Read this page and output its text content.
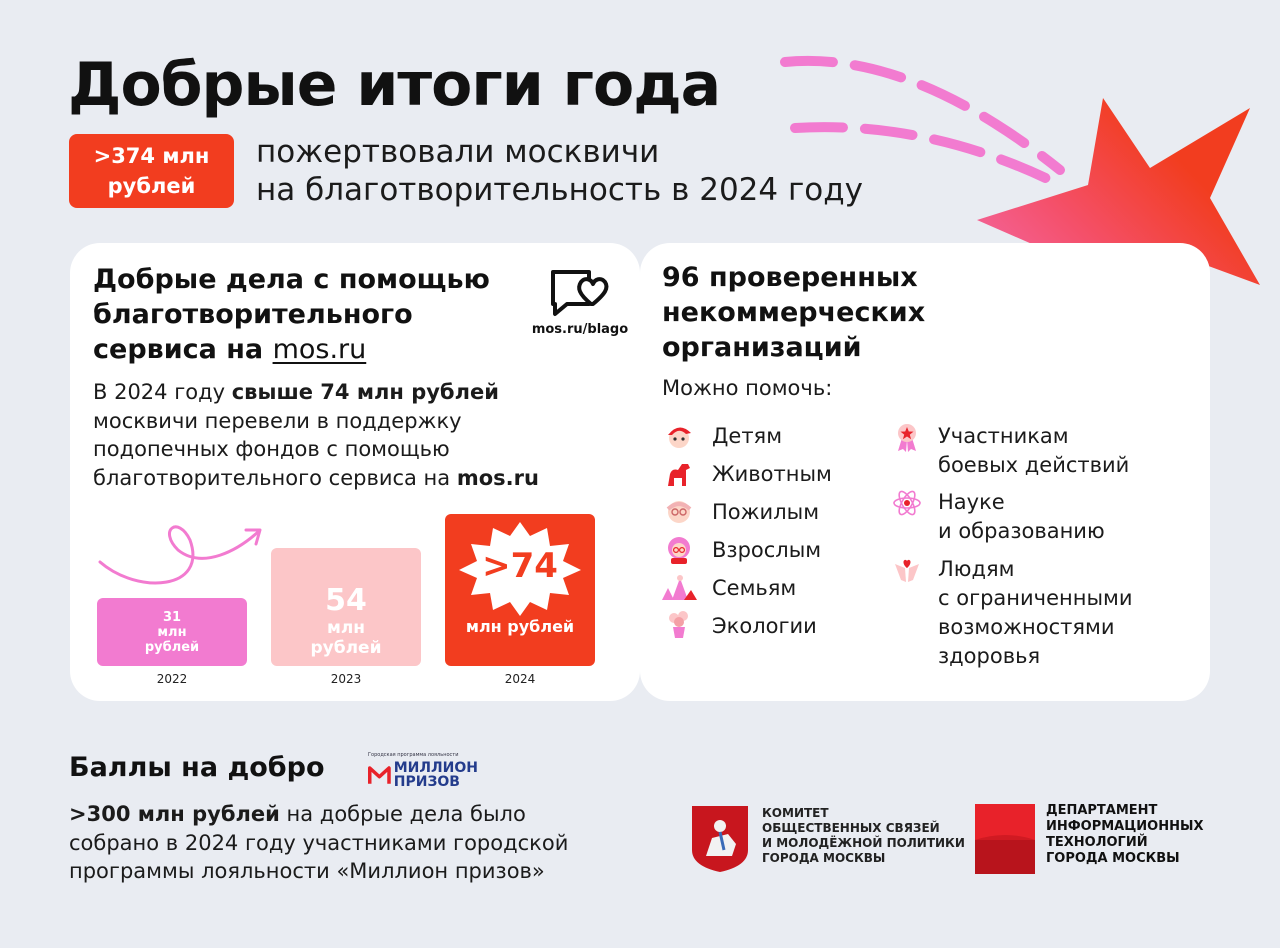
Добрые итоги года
>374 млн
рублей
пожертвовали москвичи
на благотворительность в 2024 году
Добрые дела с помощью
благотворительного
сервиса на mos.ru
mos.ru/blago
В 2024 году свыше 74 млн рублей
москвичи перевели в поддержку
подопечных фондов с помощью
благотворительного сервиса на mos.ru
31
млн
рублей
54
млн
рублей
>74
млн рублей
2022	2023	2024
96 проверенных
некоммерческих
организаций
Можно помочь:
Детям
Животным
Пожилым
Взрослым
Семьям
Экологии
Участникам
боевых действий
Науке
и образованию
Людям
с ограниченными
возможностями
здоровья
Баллы на добро	Городская программа лояльности
МИЛЛИОН
ПРИЗОВ
>300 млн рублей на добрые дела было
собрано в 2024 году участниками городской
программы лояльности «Миллион призов»
КОМИТЕТ
ОБЩЕСТВЕННЫХ СВЯЗЕЙ
И МОЛОДЁЖНОЙ ПОЛИТИКИ
ГОРОДА МОСКВЫ
ДЕПАРТАМЕНТ
ИНФОРМАЦИОННЫХ
ТЕХНОЛОГИЙ
ГОРОДА МОСКВЫ
